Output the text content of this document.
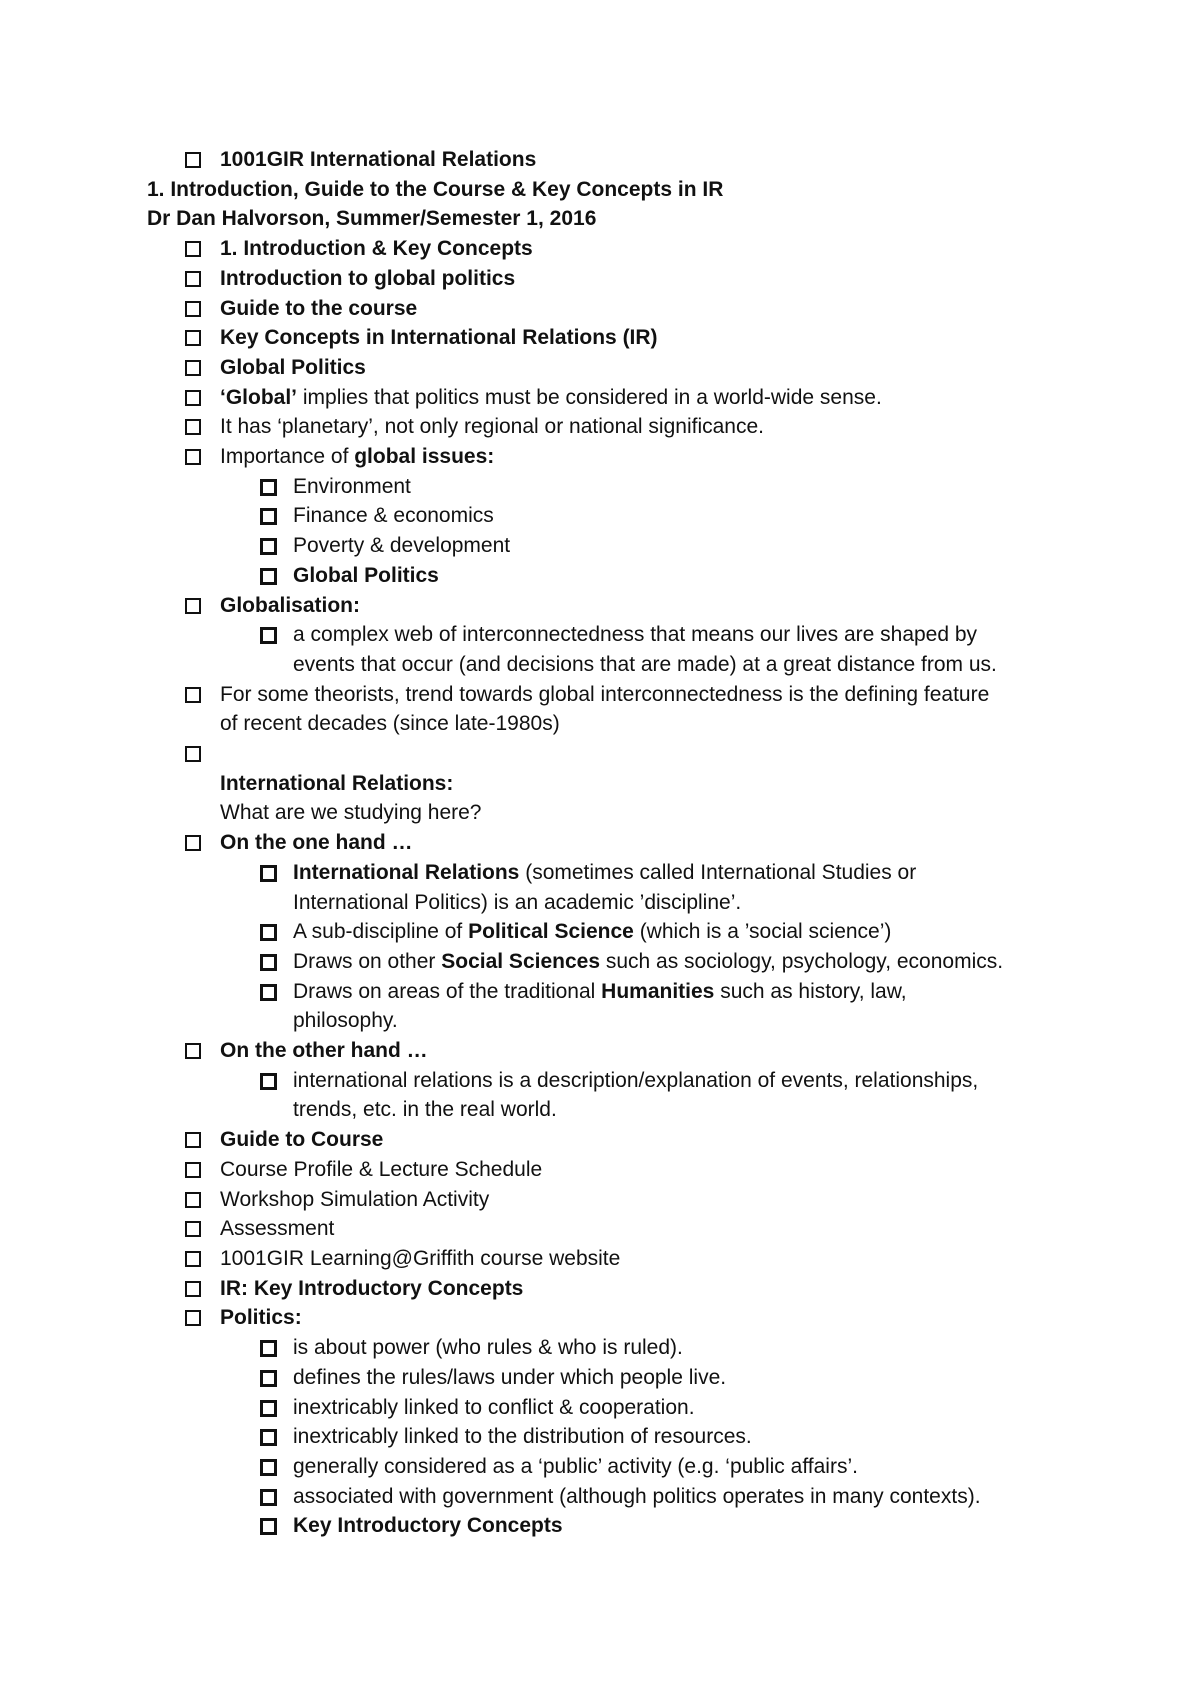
1001GIR International Relations
1. Introduction, Guide to the Course & Key Concepts in IR
Dr Dan Halvorson, Summer/Semester 1, 2016
1. Introduction & Key Concepts
Introduction to global politics
Guide to the course
Key Concepts in International Relations (IR)
Global Politics
‘Global’ implies that politics must be considered in a world-wide sense.
It has ‘planetary’, not only regional or national significance.
Importance of global issues:
Environment
Finance & economics
Poverty & development
Global Politics
Globalisation:
a complex web of interconnectedness that means our lives are shaped by
events that occur (and decisions that are made) at a great distance from us.
For some theorists, trend towards global interconnectedness is the defining feature
of recent decades (since late-1980s)
International Relations:
What are we studying here?
On the one hand …
International Relations (sometimes called International Studies or
International Politics) is an academic ’discipline’.
A sub-discipline of Political Science (which is a ’social science’)
Draws on other Social Sciences such as sociology, psychology, economics.
Draws on areas of the traditional Humanities such as history, law,
philosophy.
On the other hand …
international relations is a description/explanation of events, relationships,
trends, etc. in the real world.
Guide to Course
Course Profile & Lecture Schedule
Workshop Simulation Activity
Assessment
1001GIR Learning@Griffith course website
IR: Key Introductory Concepts
Politics:
is about power (who rules & who is ruled).
defines the rules/laws under which people live.
inextricably linked to conflict & cooperation.
inextricably linked to the distribution of resources.
generally considered as a ‘public’ activity (e.g. ‘public affairs’.
associated with government (although politics operates in many contexts).
Key Introductory Concepts
